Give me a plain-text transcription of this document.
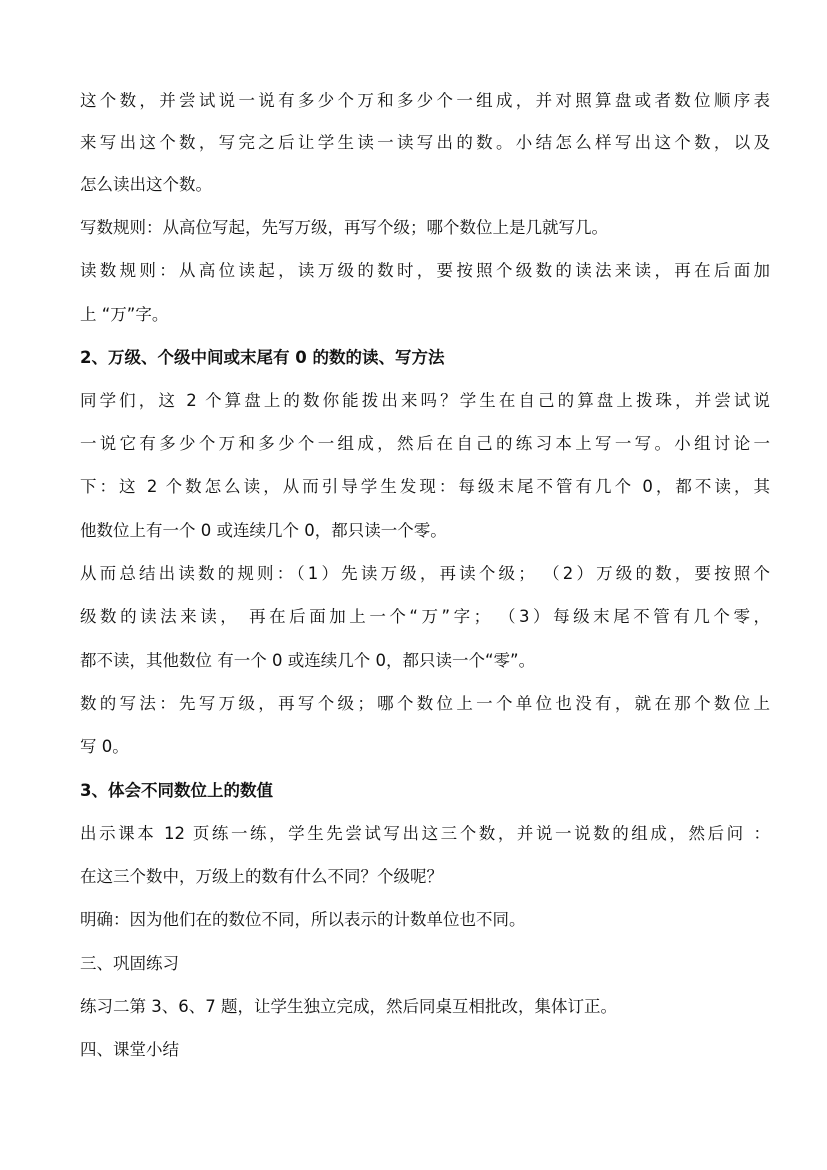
这个数，并尝试说一说有多少个万和多少个一组成，并对照算盘或者数位顺序表
来写出这个数，写完之后让学生读一读写出的数。小结怎么样写出这个数，以及
怎么读出这个数。
写数规则：从高位写起，先写万级，再写个级；哪个数位上是几就写几。
读数规则：从高位读起，读万级的数时，要按照个级数的读法来读，再在后面加
上 “万”字。
2、万级、个级中间或末尾有 0 的数的读、写方法
同学们，这 2 个算盘上的数你能拨出来吗？学生在自己的算盘上拨珠，并尝试说
一说它有多少个万和多少个一组成，然后在自己的练习本上写一写。小组讨论一
下：这 2 个数怎么读，从而引导学生发现：每级末尾不管有几个 0，都不读，其
他数位上有一个 0 或连续几个 0，都只读一个零。
从而总结出读数的规则：（1）先读万级，再读个级； （2）万级的数，要按照个
级数的读法来读， 再在后面加上一个“万”字； （3）每级末尾不管有几个零，
都不读，其他数位 有一个 0 或连续几个 0，都只读一个“零”。
数的写法：先写万级，再写个级；哪个数位上一个单位也没有，就在那个数位上
写 0。
3、体会不同数位上的数值
出示课本 12 页练一练，学生先尝试写出这三个数，并说一说数的组成，然后问 ：
在这三个数中，万级上的数有什么不同？个级呢？
明确：因为他们在的数位不同，所以表示的计数单位也不同。
三、巩固练习
练习二第 3、6、7 题，让学生独立完成，然后同桌互相批改，集体订正。
四、课堂小结
